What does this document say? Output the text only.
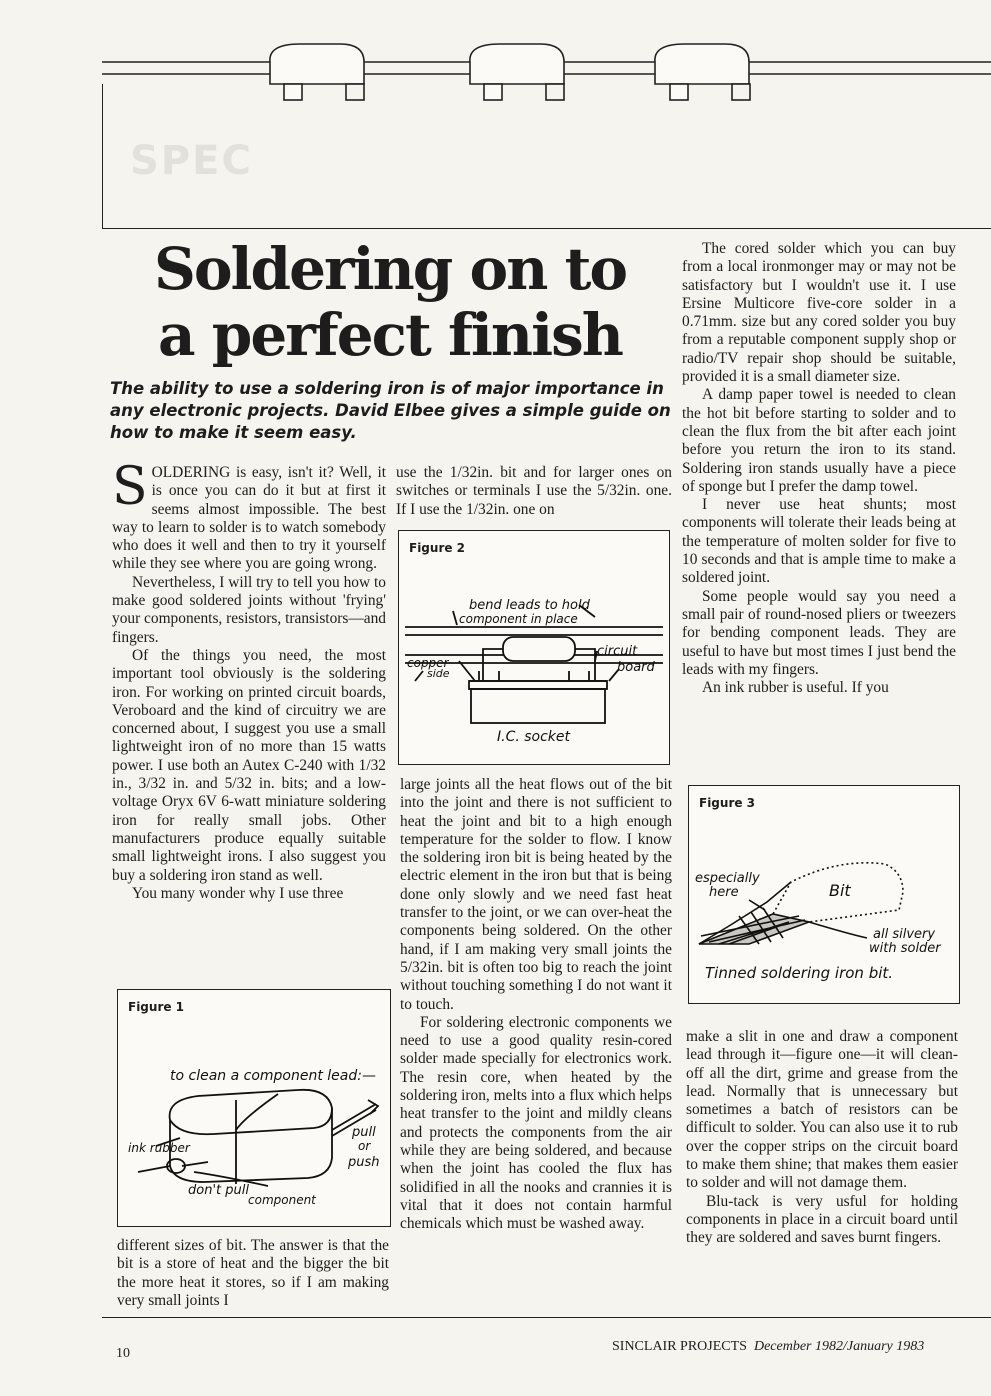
SPEC
Soldering on to
a perfect finish

The ability to use a soldering iron is of major importance in any electronic projects. David Elbee gives a simple guide on how to make it seem easy.

SOLDERING is easy, isn't it? Well, it is once you can do it but at first it seems almost impossible. The best way to learn to solder is to watch somebody who does it well and then to try it yourself while they see where you are going wrong.

Nevertheless, I will try to tell you how to make good soldered joints without 'frying' your components, resistors, transistors—and fingers.

Of the things you need, the most important tool obviously is the soldering iron. For working on printed circuit boards, Veroboard and the kind of circuitry we are concerned about, I suggest you use a small lightweight iron of no more than 15 watts power. I use both an Autex C-240 with 1/32 in., 3/32 in. and 5/32 in. bits; and a low-voltage Oryx 6V 6-watt miniature soldering iron for really small jobs. Other manufacturers produce equally suitable small lightweight irons. I also suggest you buy a soldering iron stand as well.

You many wonder why I use three

different sizes of bit. The answer is that the bit is a store of heat and the bigger the bit the more heat it stores, so if I am making very small joints I

use the 1/32in. bit and for larger ones on switches or terminals I use the 5/32in. one. If I use the 1/32in. one on

large joints all the heat flows out of the bit into the joint and there is not sufficient to heat the joint and bit to a high enough temperature for the solder to flow. I know the soldering iron bit is being heated by the electric element in the iron but that is being done only slowly and we need fast heat transfer to the joint, or we can over-heat the components being soldered. On the other hand, if I am making very small joints the 5/32in. bit is often too big to reach the joint without touching something I do not want it to touch.

For soldering electronic components we need to use a good quality resin-cored solder made specially for electronics work. The resin core, when heated by the soldering iron, melts into a flux which helps heat transfer to the joint and mildly cleans and protects the components from the air while they are being soldered, and because when the joint has cooled the flux has solidified in all the nooks and crannies it is vital that it does not contain harmful chemicals which must be washed away.

The cored solder which you can buy from a local ironmonger may or may not be satisfactory but I wouldn't use it. I use Ersine Multicore five-core solder in a 0.71mm. size but any cored solder you buy from a reputable component supply shop or radio/TV repair shop should be suitable, provided it is a small diameter size.

A damp paper towel is needed to clean the hot bit before starting to solder and to clean the flux from the bit after each joint before you return the iron to its stand. Soldering iron stands usually have a piece of sponge but I prefer the damp towel.

I never use heat shunts; most components will tolerate their leads being at the temperature of molten solder for five to 10 seconds and that is ample time to make a soldered joint.

Some people would say you need a small pair of round-nosed pliers or tweezers for bending component leads. They are useful to have but most times I just bend the leads with my fingers.

An ink rubber is useful. If you

make a slit in one and draw a component lead through it—figure one—it will clean-off all the dirt, grime and grease from the lead. Normally that is unnecessary but sometimes a batch of resistors can be difficult to solder. You can also use it to rub over the copper strips on the circuit board to make them shine; that makes them easier to solder and will not damage them.

Blu-tack is very usful for holding components in place in a circuit board until they are soldered and saves burnt fingers.

Figure 1
to clean a component lead:—
ink rubber
pull
or
push
don't pull
component
Figure 2
bend leads to hold
component in place
copper
side
circuit
board
I.C. socket
Figure 3
especially
here	Bit
all silvery
with solder
Tinned soldering iron bit.
10	SINCLAIR PROJECTS December 1982/January 1983
